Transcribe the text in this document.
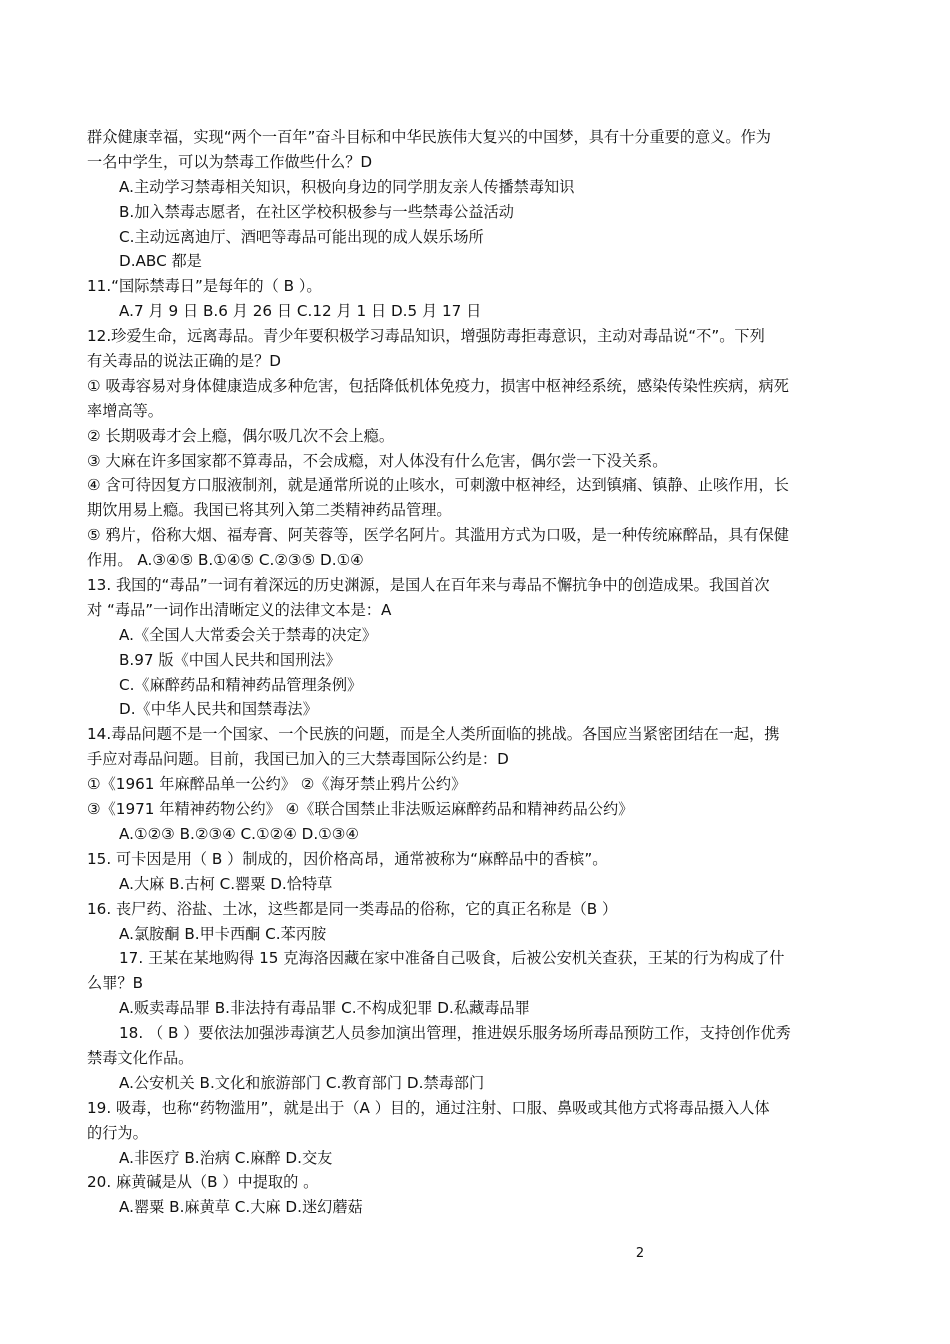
群众健康幸福，实现“两个一百年”奋斗目标和中华民族伟大复兴的中国梦，具有十分重要的意义。作为
一名中学生，可以为禁毒工作做些什么？D
A.主动学习禁毒相关知识，积极向身边的同学朋友亲人传播禁毒知识
B.加入禁毒志愿者，在社区学校积极参与一些禁毒公益活动
C.主动远离迪厅、酒吧等毒品可能出现的成人娱乐场所
D.ABC 都是
11.“国际禁毒日”是每年的（ B ）。
A.7 月 9 日 B.6 月 26 日 C.12 月 1 日 D.5 月 17 日
12.珍爱生命，远离毒品。青少年要积极学习毒品知识，增强防毒拒毒意识，主动对毒品说“不”。下列
有关毒品的说法正确的是？D
① 吸毒容易对身体健康造成多种危害，包括降低机体免疫力，损害中枢神经系统，感染传染性疾病，病死
率增高等。
② 长期吸毒才会上瘾，偶尔吸几次不会上瘾。
③ 大麻在许多国家都不算毒品，不会成瘾，对人体没有什么危害，偶尔尝一下没关系。
④ 含可待因复方口服液制剂，就是通常所说的止咳水，可刺激中枢神经，达到镇痛、镇静、止咳作用，长
期饮用易上瘾。我国已将其列入第二类精神药品管理。
⑤ 鸦片，俗称大烟、福寿膏、阿芙蓉等，医学名阿片。其滥用方式为口吸，是一种传统麻醉品，具有保健
作用。 A.③④⑤ B.①④⑤ C.②③⑤ D.①④
13. 我国的“毒品”一词有着深远的历史渊源，是国人在百年来与毒品不懈抗争中的创造成果。我国首次
对 “毒品”一词作出清晰定义的法律文本是：A
A.《全国人大常委会关于禁毒的决定》
B.97 版《中国人民共和国刑法》
C.《麻醉药品和精神药品管理条例》
D.《中华人民共和国禁毒法》
14.毒品问题不是一个国家、一个民族的问题，而是全人类所面临的挑战。各国应当紧密团结在一起，携
手应对毒品问题。目前，我国已加入的三大禁毒国际公约是：D
①《1961 年麻醉品单一公约》 ②《海牙禁止鸦片公约》
③《1971 年精神药物公约》 ④《联合国禁止非法贩运麻醉药品和精神药品公约》
A.①②③ B.②③④ C.①②④ D.①③④
15. 可卡因是用（ B ）制成的，因价格高昂，通常被称为“麻醉品中的香槟”。
A.大麻 B.古柯 C.罂粟 D.恰特草
16. 丧尸药、浴盐、土冰，这些都是同一类毒品的俗称，它的真正名称是（B ）
A.氯胺酮 B.甲卡西酮 C.苯丙胺
17. 王某在某地购得 15 克海洛因藏在家中准备自己吸食，后被公安机关查获，王某的行为构成了什
么罪？B
A.贩卖毒品罪 B.非法持有毒品罪 C.不构成犯罪 D.私藏毒品罪
18. （ B ）要依法加强涉毒演艺人员参加演出管理，推进娱乐服务场所毒品预防工作，支持创作优秀
禁毒文化作品。
A.公安机关 B.文化和旅游部门 C.教育部门 D.禁毒部门
19. 吸毒，也称“药物滥用”，就是出于（A ）目的，通过注射、口服、鼻吸或其他方式将毒品摄入人体
的行为。
A.非医疗 B.治病 C.麻醉 D.交友
20. 麻黄碱是从（B ）中提取的 。
A.罂粟 B.麻黄草 C.大麻 D.迷幻蘑菇
2
